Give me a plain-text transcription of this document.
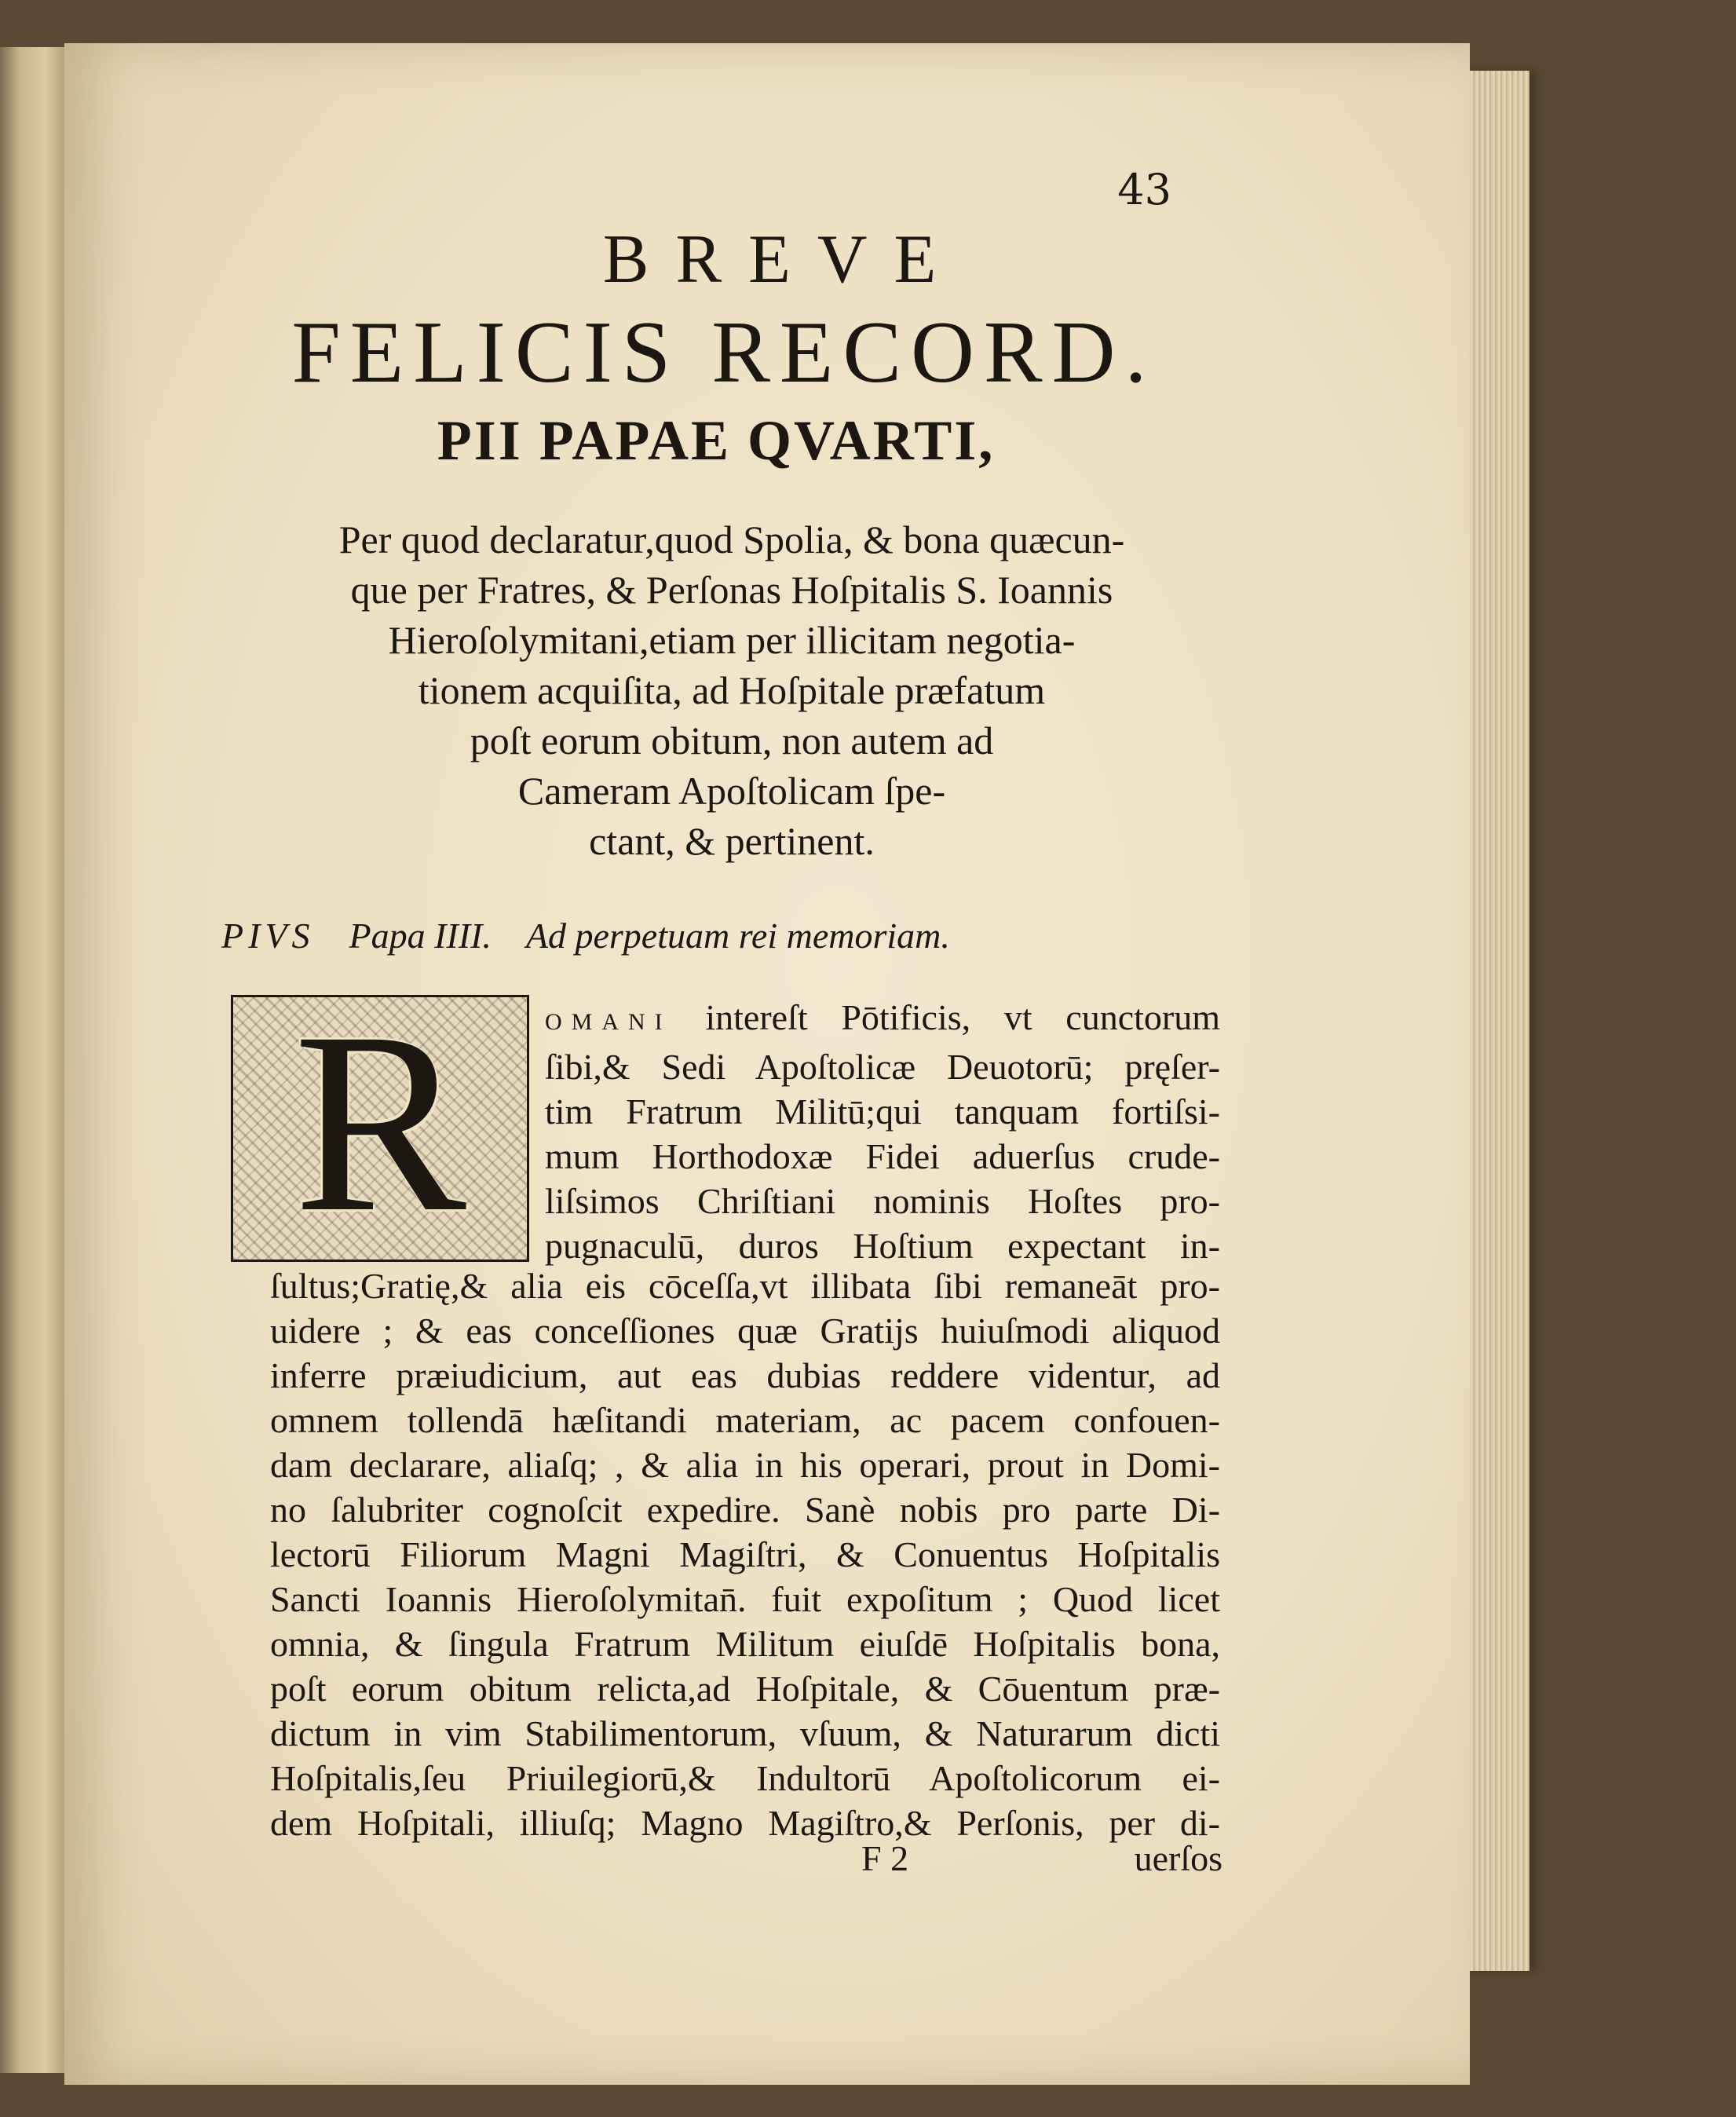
43
BREVE
FELICIS RECORD.
PII PAPAE QVARTI,
Per quod declaratur,quod Spolia, & bona quæcun-
que per Fratres, & Perſonas Hoſpitalis S. Ioannis
Hieroſolymitani,etiam per illicitam negotia-
tionem acquiſita, ad Hoſpitale præfatum
poſt eorum obitum, non autem ad
Cameram Apoſtolicam ſpe-
ctant, & pertinent.
PIVS Papa IIII. Ad perpetuam rei memoriam.
R	OMANI intereſt Pōtificis, vt cunctorum
ſibi,& Sedi Apoſtolicæ Deuotorū; pręſer-
tim Fratrum Militū;qui tanquam fortiſsi-
mum Horthodoxæ Fidei aduerſus crude-
liſsimos Chriſtiani nominis Hoſtes pro-
pugnaculū, duros Hoſtium expectant in-
ſultus;Gratię,& alia eis cōceſſa,vt illibata ſibi remaneāt pro-
uidere ; & eas conceſſiones quæ Gratijs huiuſmodi aliquod
inferre præiudicium, aut eas dubias reddere videntur, ad
omnem tollendā hæſitandi materiam, ac pacem confouen-
dam declarare, aliaſq; , & alia in his operari, prout in Domi-
no ſalubriter cognoſcit expedire. Sanè nobis pro parte Di-
lectorū Filiorum Magni Magiſtri, & Conuentus Hoſpitalis
Sancti Ioannis Hieroſolymitan̄. fuit expoſitum ; Quod licet
omnia, & ſingula Fratrum Militum eiuſdē Hoſpitalis bona,
poſt eorum obitum relicta,ad Hoſpitale, & Cōuentum præ-
dictum in vim Stabilimentorum, vſuum, & Naturarum dicti
Hoſpitalis,ſeu Priuilegiorū,& Indultorū Apoſtolicorum ei-
dem Hoſpitali, illiuſq; Magno Magiſtro,& Perſonis, per di-
F 2	uerſos
